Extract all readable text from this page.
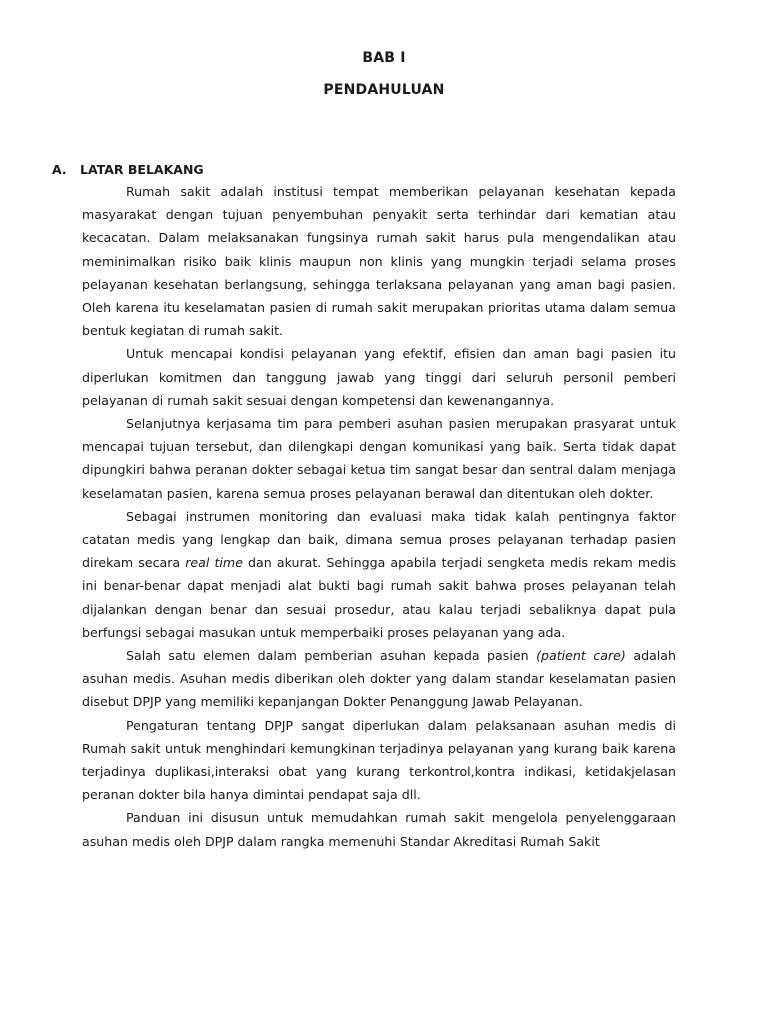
BAB I
PENDAHULUAN
A. LATAR BELAKANG

Rumah sakit adalah institusi tempat memberikan pelayanan kesehatan kepada masyarakat dengan tujuan penyembuhan penyakit serta terhindar dari kematian atau kecacatan. Dalam melaksanakan fungsinya rumah sakit harus pula mengendalikan atau meminimalkan risiko baik klinis maupun non klinis yang mungkin terjadi selama proses pelayanan kesehatan berlangsung, sehingga terlaksana pelayanan yang aman bagi pasien. Oleh karena itu keselamatan pasien di rumah sakit merupakan prioritas utama dalam semua bentuk kegiatan di rumah sakit.

Untuk mencapai kondisi pelayanan yang efektif, efisien dan aman bagi pasien itu diperlukan komitmen dan tanggung jawab yang tinggi dari seluruh personil pemberi pelayanan di rumah sakit sesuai dengan kompetensi dan kewenangannya.

Selanjutnya kerjasama tim para pemberi asuhan pasien merupakan prasyarat untuk mencapai tujuan tersebut, dan dilengkapi dengan komunikasi yang baik. Serta tidak dapat dipungkiri bahwa peranan dokter sebagai ketua tim sangat besar dan sentral dalam menjaga keselamatan pasien, karena semua proses pelayanan berawal dan ditentukan oleh dokter.

Sebagai instrumen monitoring dan evaluasi maka tidak kalah pentingnya faktor catatan medis yang lengkap dan baik, dimana semua proses pelayanan terhadap pasien direkam secara real time dan akurat. Sehingga apabila terjadi sengketa medis rekam medis ini benar-benar dapat menjadi alat bukti bagi rumah sakit bahwa proses pelayanan telah dijalankan dengan benar dan sesuai prosedur, atau kalau terjadi sebaliknya dapat pula berfungsi sebagai masukan untuk memperbaiki proses pelayanan yang ada.

Salah satu elemen dalam pemberian asuhan kepada pasien (patient care) adalah asuhan medis. Asuhan medis diberikan oleh dokter yang dalam standar keselamatan pasien disebut DPJP yang memiliki kepanjangan Dokter Penanggung Jawab Pelayanan.

Pengaturan tentang DPJP sangat diperlukan dalam pelaksanaan asuhan medis di Rumah sakit untuk menghindari kemungkinan terjadinya pelayanan yang kurang baik karena terjadinya duplikasi,interaksi obat yang kurang terkontrol,kontra indikasi, ketidakjelasan peranan dokter bila hanya dimintai pendapat saja dll.

Panduan ini disusun untuk memudahkan rumah sakit mengelola penyelenggaraan asuhan medis oleh DPJP dalam rangka memenuhi Standar Akreditasi Rumah Sakit
